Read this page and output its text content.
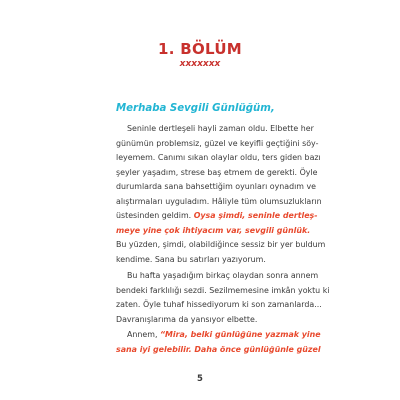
1. BÖLÜM
xxxxxxx
Merhaba Sevgili Günlüğüm,
Seninle dertleşeli hayli zaman oldu. Elbette her
günümün problemsiz, güzel ve keyifli geçtiğini söy-
leyemem. Canımı sıkan olaylar oldu, ters giden bazı
şeyler yaşadım, strese baş etmem de gerekti. Öyle
durumlarda sana bahsettiğim oyunları oynadım ve
alıştırmaları uyguladım. Hâliyle tüm olumsuzlukların
üstesinden geldim. Oysa şimdi, seninle dertleş-
meye yine çok ihtiyacım var, sevgili günlük.
Bu yüzden, şimdi, olabildiğince sessiz bir yer buldum
kendime. Sana bu satırları yazıyorum.
Bu hafta yaşadığım birkaç olaydan sonra annem
bendeki farklılığı sezdi. Sezilmemesine imkân yoktu ki
zaten. Öyle tuhaf hissediyorum ki son zamanlarda...
Davranışlarıma da yansıyor elbette.
Annem, “Mira, belki günlüğüne yazmak yine
sana iyi gelebilir. Daha önce günlüğünle güzel
5
